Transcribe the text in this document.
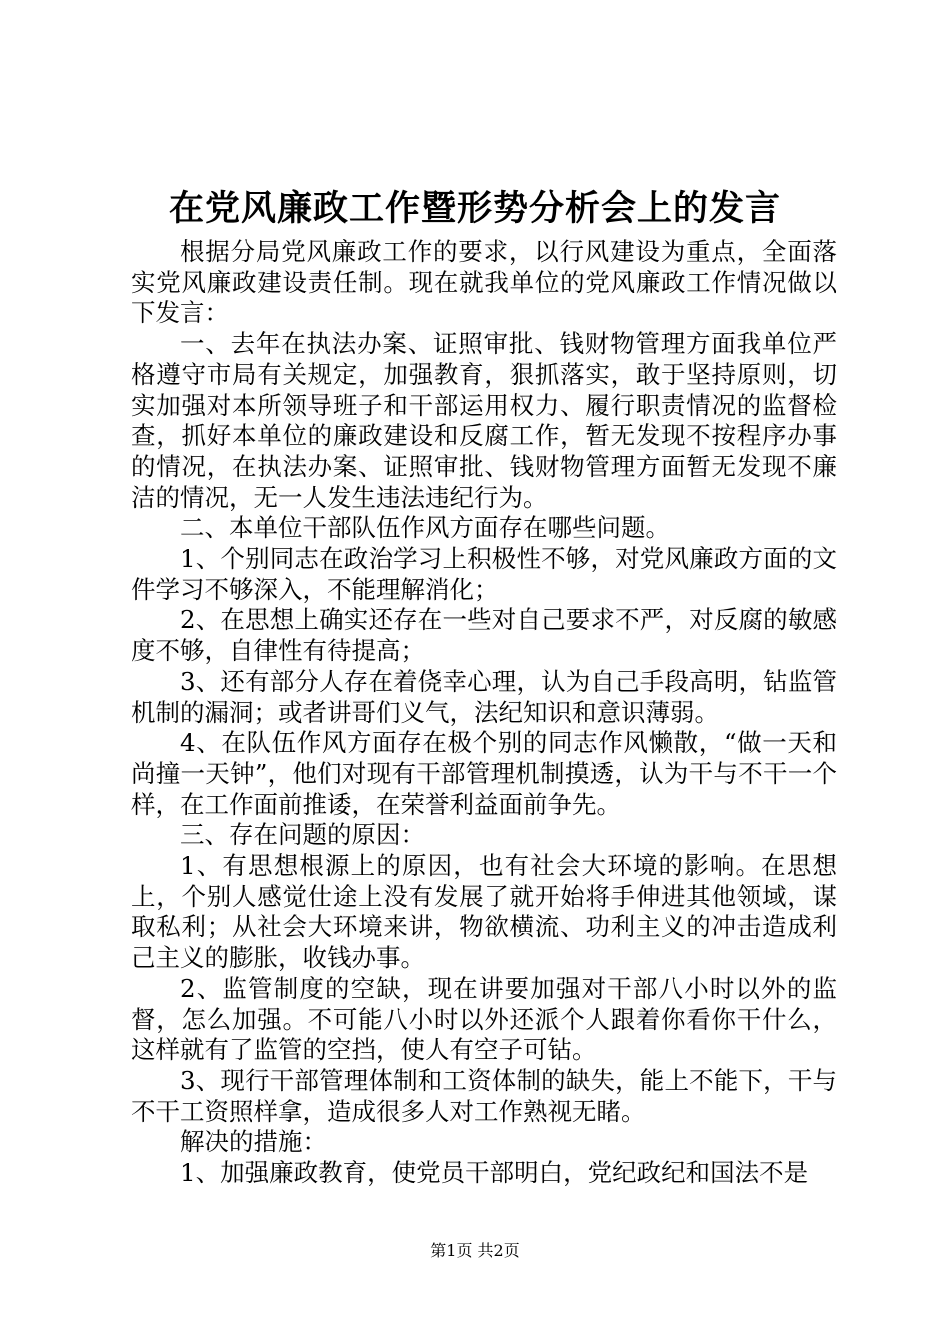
在党风廉政工作暨形势分析会上的发言

根据分局党风廉政工作的要求，以行风建设为重点，全面落实党风廉政建设责任制。现在就我单位的党风廉政工作情况做以下发言：

一、去年在执法办案、证照审批、钱财物管理方面我单位严格遵守市局有关规定，加强教育，狠抓落实，敢于坚持原则，切实加强对本所领导班子和干部运用权力、履行职责情况的监督检查，抓好本单位的廉政建设和反腐工作，暂无发现不按程序办事的情况，在执法办案、证照审批、钱财物管理方面暂无发现不廉洁的情况，无一人发生违法违纪行为。

二、本单位干部队伍作风方面存在哪些问题。

1、个别同志在政治学习上积极性不够，对党风廉政方面的文件学习不够深入，不能理解消化；

2、在思想上确实还存在一些对自己要求不严，对反腐的敏感度不够，自律性有待提高；

3、还有部分人存在着侥幸心理，认为自己手段高明，钻监管机制的漏洞；或者讲哥们义气，法纪知识和意识薄弱。

4、在队伍作风方面存在极个别的同志作风懒散，“做一天和尚撞一天钟”，他们对现有干部管理机制摸透，认为干与不干一个样，在工作面前推诿，在荣誉利益面前争先。

三、存在问题的原因：

1、有思想根源上的原因，也有社会大环境的影响。在思想上，个别人感觉仕途上没有发展了就开始将手伸进其他领域，谋取私利；从社会大环境来讲，物欲横流、功利主义的冲击造成利己主义的膨胀，收钱办事。

2、监管制度的空缺，现在讲要加强对干部八小时以外的监督，怎么加强。不可能八小时以外还派个人跟着你看你干什么，这样就有了监管的空挡，使人有空子可钻。

3、现行干部管理体制和工资体制的缺失，能上不能下，干与不干工资照样拿，造成很多人对工作熟视无睹。

解决的措施：

1、加强廉政教育，使党员干部明白，党纪政纪和国法不是

第1页 共2页
